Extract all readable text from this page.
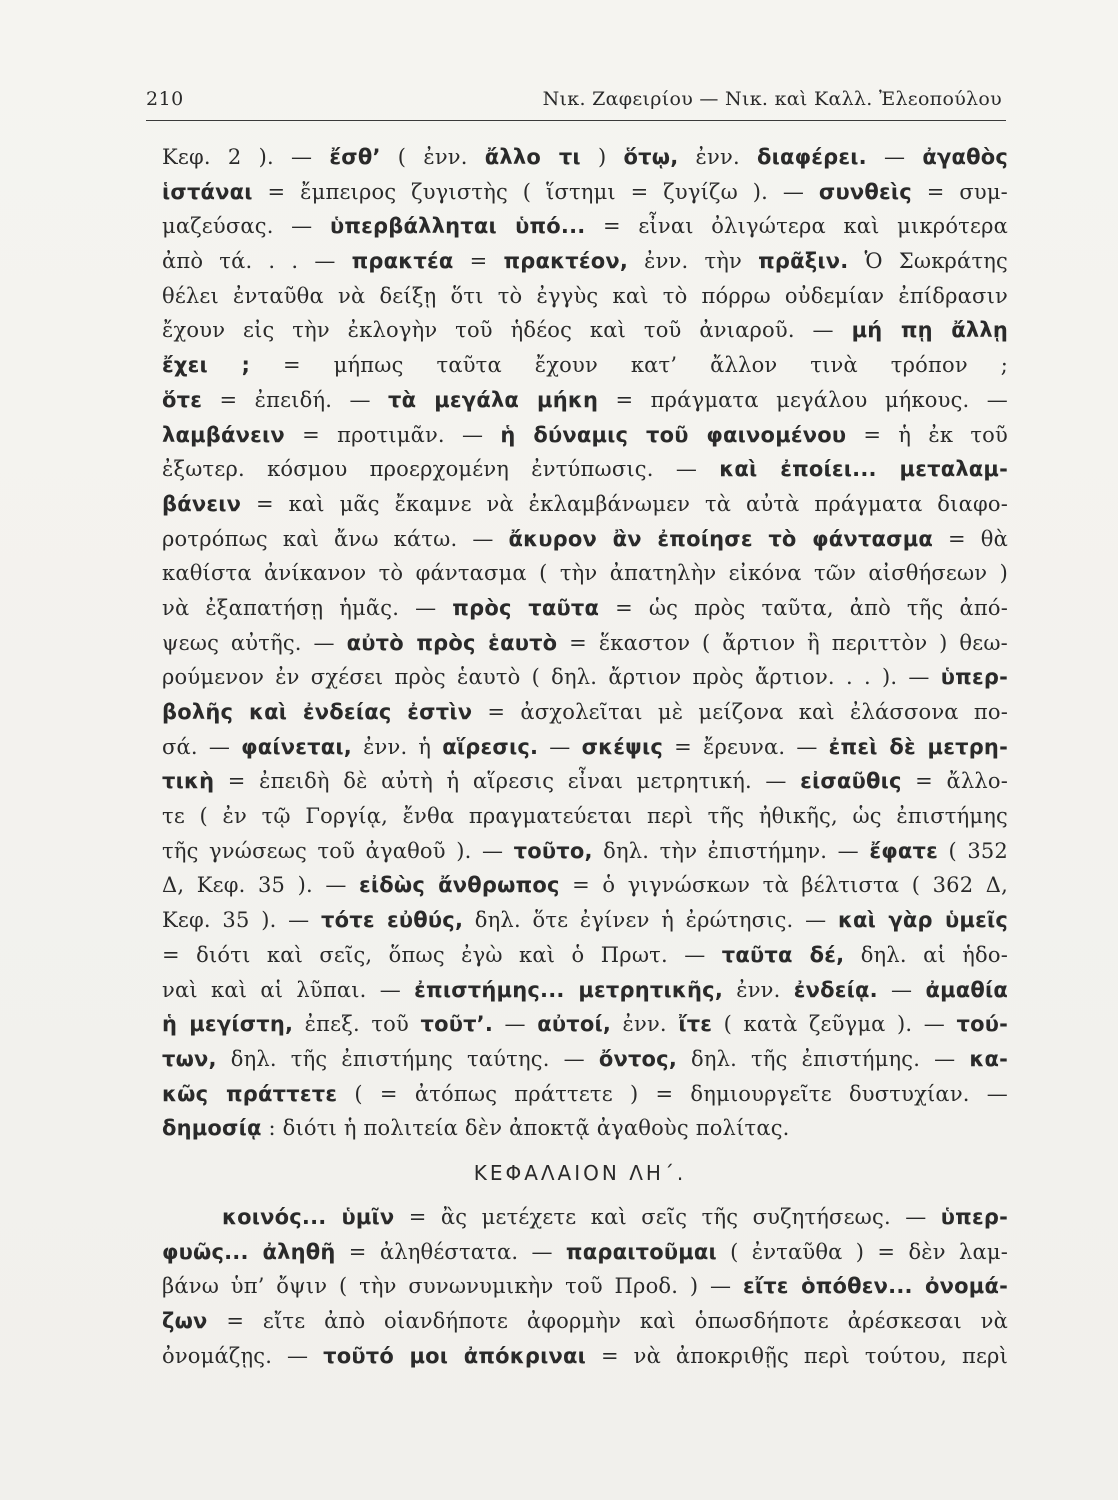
210	Νικ. Ζαφειρίου — Νικ. καὶ Καλλ. Ἐλεοπούλου
Κεφ. 2 ). — ἔσθ’ ( ἐνν. ἄλλο τι ) ὅτῳ, ἐνν. διαφέρει. — ἀγαθὸς
ἱστάναι = ἔμπειρος ζυγιστὴς ( ἵστημι = ζυγίζω ). — συνθεὶς = συμ-
μαζεύσας. — ὑπερβάλληται ὑπό... = εἶναι ὀλιγώτερα καὶ μικρότερα
ἀπὸ τά. . . — πρακτέα = πρακτέον, ἐνν. τὴν πρᾶξιν. Ὁ Σωκράτης
θέλει ἐνταῦθα νὰ δείξῃ ὅτι τὸ ἐγγὺς καὶ τὸ πόρρω οὐδεμίαν ἐπίδρασιν
ἔχουν εἰς τὴν ἐκλογὴν τοῦ ἡδέος καὶ τοῦ ἀνιαροῦ. — μή πῃ ἄλλῃ
ἔχει ; = μήπως ταῦτα ἔχουν κατ’ ἄλλον τινὰ τρόπον ;
ὅτε = ἐπειδή. — τὰ μεγάλα μήκη = πράγματα μεγάλου μήκους. —
λαμβάνειν = προτιμᾶν. — ἡ δύναμις τοῦ φαινομένου = ἡ ἐκ τοῦ
ἐξωτερ. κόσμου προερχομένη ἐντύπωσις. — καὶ ἐποίει... μεταλαμ-
βάνειν = καὶ μᾶς ἔκαμνε νὰ ἐκλαμβάνωμεν τὰ αὐτὰ πράγματα διαφο-
ροτρόπως καὶ ἄνω κάτω. — ἄκυρον ἂν ἐποίησε τὸ φάντασμα = θὰ
καθίστα ἀνίκανον τὸ φάντασμα ( τὴν ἀπατηλὴν εἰκόνα τῶν αἰσθήσεων )
νὰ ἐξαπατήσῃ ἡμᾶς. — πρὸς ταῦτα = ὡς πρὸς ταῦτα, ἀπὸ τῆς ἀπό-
ψεως αὐτῆς. — αὐτὸ πρὸς ἑαυτὸ = ἕκαστον ( ἄρτιον ἢ περιττὸν ) θεω-
ρούμενον ἐν σχέσει πρὸς ἑαυτὸ ( δηλ. ἄρτιον πρὸς ἄρτιον. . . ). — ὑπερ-
βολῆς καὶ ἐνδείας ἐστὶν = ἀσχολεῖται μὲ μείζονα καὶ ἐλάσσονα πο-
σά. — φαίνεται, ἐνν. ἡ αἵρεσις. — σκέψις = ἔρευνα. — ἐπεὶ δὲ μετρη-
τικὴ = ἐπειδὴ δὲ αὐτὴ ἡ αἵρεσις εἶναι μετρητική. — εἰσαῦθις = ἄλλο-
τε ( ἐν τῷ Γοργίᾳ, ἔνθα πραγματεύεται περὶ τῆς ἠθικῆς, ὡς ἐπιστήμης
τῆς γνώσεως τοῦ ἀγαθοῦ ). — τοῦτο, δηλ. τὴν ἐπιστήμην. — ἔφατε ( 352
Δ, Κεφ. 35 ). — εἰδὼς ἄνθρωπος = ὁ γιγνώσκων τὰ βέλτιστα ( 362 Δ,
Κεφ. 35 ). — τότε εὐθύς, δηλ. ὅτε ἐγίνεν ἡ ἐρώτησις. — καὶ γὰρ ὑμεῖς
= διότι καὶ σεῖς, ὅπως ἐγὼ καὶ ὁ Πρωτ. — ταῦτα δέ, δηλ. αἱ ἡδο-
ναὶ καὶ αἱ λῦπαι. — ἐπιστήμης... μετρητικῆς, ἐνν. ἐνδείᾳ. — ἀμαθία
ἡ μεγίστη, ἐπεξ. τοῦ τοῦτ’. — αὐτοί, ἐνν. ἴτε ( κατὰ ζεῦγμα ). — τού-
των, δηλ. τῆς ἐπιστήμης ταύτης. — ὄντος, δηλ. τῆς ἐπιστήμης. — κα-
κῶς πράττετε ( = ἀτόπως πράττετε ) = δημιουργεῖτε δυστυχίαν. —
δημοσίᾳ : διότι ἡ πολιτεία δὲν ἀποκτᾷ ἀγαθοὺς πολίτας.
ΚΕΦΑΛΑΙΟΝ ΛΗ΄.
κοινός... ὑμῖν = ἂς μετέχετε καὶ σεῖς τῆς συζητήσεως. — ὑπερ-
φυῶς... ἀληθῆ = ἀληθέστατα. — παραιτοῦμαι ( ἐνταῦθα ) = δὲν λαμ-
βάνω ὑπ’ ὄψιν ( τὴν συνωνυμικὴν τοῦ Προδ. ) — εἴτε ὁπόθεν... ὀνομά-
ζων = εἴτε ἀπὸ οἱανδήποτε ἀφορμὴν καὶ ὁπωσδήποτε ἀρέσκεσαι νὰ
ὀνομάζῃς. — τοῦτό μοι ἀπόκριναι = νὰ ἀποκριθῇς περὶ τούτου, περὶ
